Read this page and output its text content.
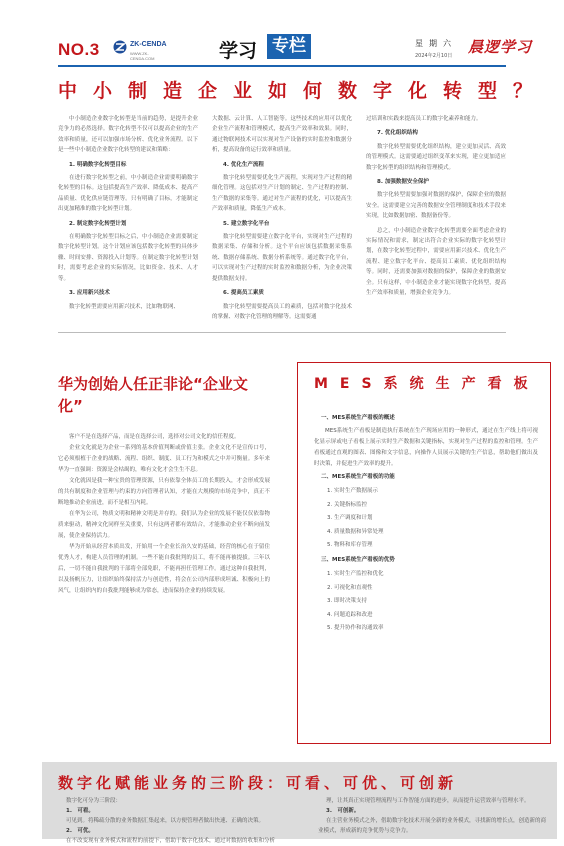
NO.3	ZK-CENDA
WWW.ZK-CENDA.COM	学习 专栏	星期六
2024年2月10日 晨逻学习
中小制造企业如何数字化转型？

中小制造企业数字化转型是当前的趋势，是提升企业竞争力的必然选择。数字化转型不仅可以提高企业的生产效率和质量，还可以加强市场分析、优化业务流程。以下是一些中小制造企业数字化转型的建议和策略：

1. 明确数字化转型目标

在进行数字化转型之前，中小制造企业需要明确数字化转型的目标。这包括提高生产效率、降低成本、提高产品质量、优化供应链管理等。只有明确了目标，才能制定出更加精准的数字化转型计划。

2. 制定数字化转型计划

在明确数字化转型目标之后，中小制造企业需要制定数字化转型计划。这个计划应该包括数字化转型的具体步骤、时间安排、资源投入计划等。在制定数字化转型计划时，需要考虑企业的实际情况，比如资金、技术、人才等。

3. 应用新兴技术

数字化转型需要应用新兴技术，比如物联网、

大数据、云计算、人工智能等。这些技术的应用可以优化企业生产流程和管理模式，提高生产效率和效果。同时，通过物联网技术可以实现对生产设备的实时监控和数据分析，提高设备的运行效率和质量。

4. 优化生产流程

数字化转型需要优化生产流程，实现对生产过程的精细化管理。这包括对生产计划的制定、生产过程的控制、生产数据的采集等。通过对生产流程的优化，可以提高生产效率和质量，降低生产成本。

5. 建立数字化平台

数字化转型需要建立数字化平台，实现对生产过程的数据采集、存储和分析。这个平台应该包括数据采集系统、数据存储系统、数据分析系统等。通过数字化平台，可以实现对生产过程的实时监控和数据分析，为企业决策提供数据支持。

6. 提高员工素质

数字化转型需要提高员工的素质，包括对数字化技术的掌握、对数字化管理的理解等。这需要通

过培训和实践来提高员工的数字化素养和能力。

7. 优化组织结构

数字化转型需要优化组织结构，建立更加灵活、高效的管理模式。这需要通过组织变革来实现，建立更加适应数字化转型的组织结构和管理模式。

8. 加强数据安全保护

数字化转型需要加强对数据的保护，保障企业的数据安全。这需要建立完善的数据安全管理制度和技术手段来实现，比如数据加密、数据备份等。

总之，中小制造企业数字化转型需要全面考虑企业的实际情况和需求，制定出符合企业实际的数字化转型计划，在数字化转型过程中，需要应用新兴技术、优化生产流程、建立数字化平台、提高员工素质、优化组织结构等。同时，还需要加强对数据的保护，保障企业的数据安全。只有这样，中小制造企业才能实现数字化转型，提高生产效率和质量，增强企业竞争力。

华为创始人任正非论“企业文化”

客户不是在选择产品，而是在选择公司，选择对公司文化的信任程度。

企业文化就是为企业一系列的基本价值判断或价值主张。企业文化不是宣传口号，它必须根植于企业的战略、流程、组织、制度、员工行为和模式之中并可衡量。多年来华为一直强调：资源是会枯竭的，唯有文化才会生生不息。

文化就因是我一种宝贵的管理资源，只有依靠全体员工的长期投入，才会形成发展的共有制度和企业管理与约束的方向管理者认知，才能在大规模的市场竞争中，真正不断地推动企业前进，而不是相互内耗。

在华为公司，物质文明和精神文明是并存的。我们认为企业的发展不能仅仅依靠物质来驱动，精神文化同样至关重要，只有这两者都有效结合，才能推动企业不断向前发展，使企业保持活力。

华为开始从经营本质出发，开始用一个企业长治久安的基础，经营的核心在于留住优秀人才，构建人员管理的机制。一些不能自我批判的员工，将不能再被提拔。三年以后，一切不能自我批判的干部将全部免职，不能再担任管理工作。通过这种自我批判，以及扬帆压力，让组织始终保持活力与创造性，将会在公司内部形成坦诚、积极向上的风气，让组织内的自我批判能够成为常态，进而保持企业的持续发展。

MES系统生产看板
一、MES系统生产看板的概述

MES系统生产看板是制造执行系统在生产现场应用的一种形式，通过在生产线上将可视化显示屏或电子看板上展示实时生产数据和关键指标，实现对生产过程的监控和管理。生产看板通过直观的图表、图像和文字信息，向操作人员展示关键的生产信息，帮助他们做出及时决策，并促进生产效率的提升。

二、MES系统生产看板的功能
1. 实时生产数据展示
2. 关键指标监控
3. 生产调度和计划
4. 质量数据和异常处理
5. 物料和库存管理
三、MES系统生产看板的优势
1. 实时生产监控和优化
2. 可视化和直观性
3. 即时决策支持
4. 问题追踪和改进
5. 提升协作和沟通效率
数字化赋能业务的三阶段：可看、可优、可创新

数字化可分为三阶段：

1.　可看。

可见到。将稀疏分散的业务数据汇集起来，以方便管理者做出快速、正确的决策。

2.　可优。

在不改变现有业务模式和流程的前提下，借助于数字化技术，通过对数据的收集和分析

理，让其真正实现管理流程与工作智能方面的进步，从而提升运营效率与管理水平。

3.　可创新。

在主营业务模式之外，借助数字化技术开展全新的业务模式，寻找新的增长点，创造新的商业模式，形成新的竞争优势与竞争力。
